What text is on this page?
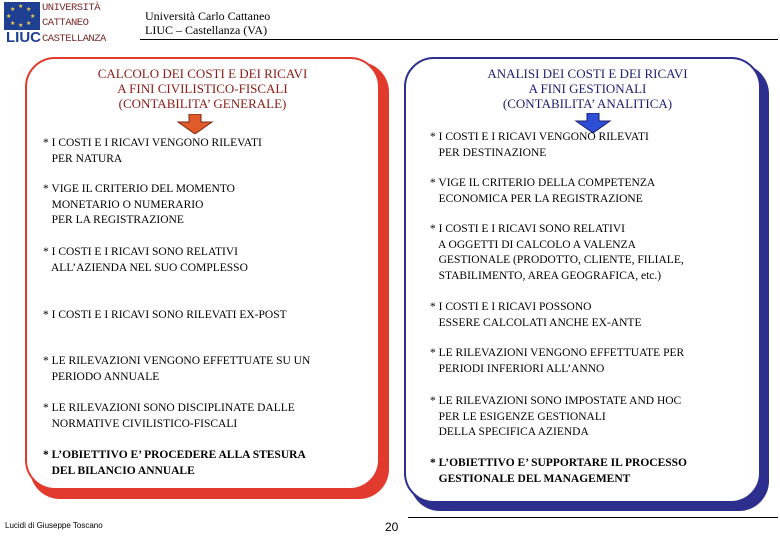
★
★ ★
★	★
★ ★
★
LIUC
UNIVERSITÀ
CATTANEO
CASTELLANZA
Università Carlo Cattaneo
LIUC – Castellanza (VA)
CALCOLO DEI COSTI E DEI RICAVI
A FINI CIVILISTICO-FISCALI
(CONTABILITA’ GENERALE)
ANALISI DEI COSTI E DEI RICAVI
A FINI GESTIONALI
(CONTABILITA’ ANALITICA)
* I COSTI E I RICAVI VENGONO RILEVATI
PER NATURA
* VIGE IL CRITERIO DEL MOMENTO
MONETARIO O NUMERARIO
PER LA REGISTRAZIONE
* I COSTI E I RICAVI SONO RELATIVI
ALL’AZIENDA NEL SUO COMPLESSO
* I COSTI E I RICAVI SONO RILEVATI EX-POST
* LE RILEVAZIONI VENGONO EFFETTUATE SU UN
PERIODO ANNUALE
* LE RILEVAZIONI SONO DISCIPLINATE DALLE
NORMATIVE CIVILISTICO-FISCALI
* L’OBIETTIVO E’ PROCEDERE ALLA STESURA
DEL BILANCIO ANNUALE
* I COSTI E I RICAVI VENGONO RILEVATI
PER DESTINAZIONE
* VIGE IL CRITERIO DELLA COMPETENZA
ECONOMICA PER LA REGISTRAZIONE
* I COSTI E I RICAVI SONO RELATIVI
A OGGETTI DI CALCOLO A VALENZA
GESTIONALE (PRODOTTO, CLIENTE, FILIALE,
STABILIMENTO, AREA GEOGRAFICA, etc.)
* I COSTI E I RICAVI POSSONO
ESSERE CALCOLATI ANCHE EX-ANTE
* LE RILEVAZIONI VENGONO EFFETTUATE PER
PERIODI INFERIORI ALL’ANNO
* LE RILEVAZIONI SONO IMPOSTATE AND HOC
PER LE ESIGENZE GESTIONALI
DELLA SPECIFICA AZIENDA
* L’OBIETTIVO E’ SUPPORTARE IL PROCESSO
GESTIONALE DEL MANAGEMENT
Lucidi di Giuseppe Toscano	20
